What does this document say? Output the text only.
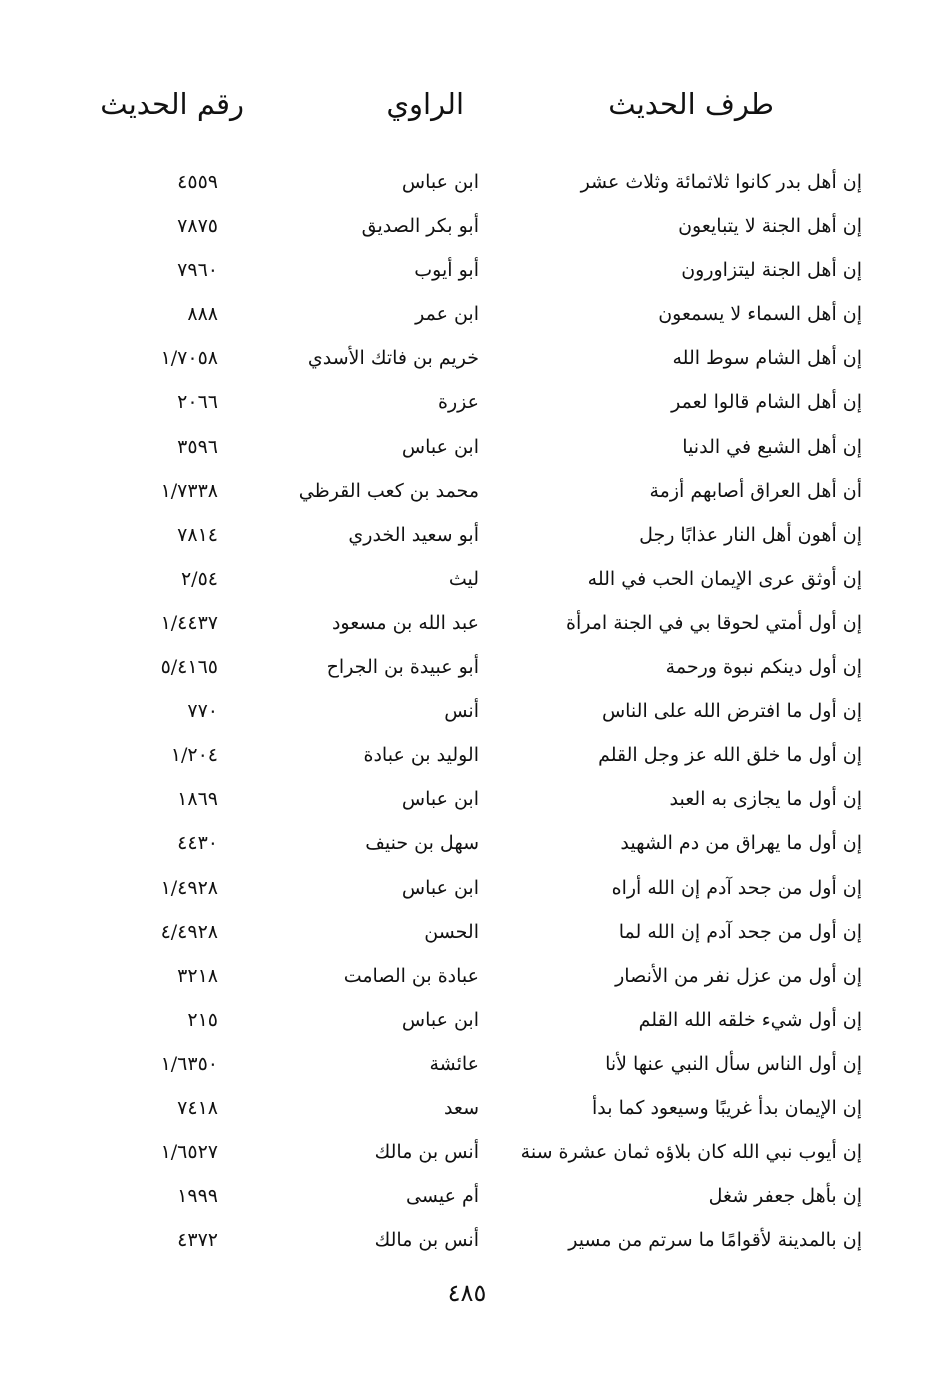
طرف الحديث
الراوي
رقم الحديث
إن أهل بدر كانوا ثلاثمائة وثلاث عشر
ابن عباس
٤٥٥٩
إن أهل الجنة لا يتبايعون
أبو بكر الصديق
٧٨٧٥
إن أهل الجنة ليتزاورون
أبو أيوب
٧٩٦٠
إن أهل السماء لا يسمعون
ابن عمر
٨٨٨
إن أهل الشام سوط الله
خريم بن فاتك الأسدي
١/٧٠٥٨
إن أهل الشام قالوا لعمر
عزرة
٢٠٦٦
إن أهل الشبع في الدنيا
ابن عباس
٣٥٩٦
أن أهل العراق أصابهم أزمة
محمد بن كعب القرظي
١/٧٣٣٨
إن أهون أهل النار عذابًا رجل
أبو سعيد الخدري
٧٨١٤
إن أوثق عرى الإيمان الحب في الله
ليث
٢/٥٤
إن أول أمتي لحوقا بي في الجنة امرأة
عبد الله بن مسعود
١/٤٤٣٧
إن أول دينكم نبوة ورحمة
أبو عبيدة بن الجراح
٥/٤١٦٥
إن أول ما افترض الله على الناس
أنس
٧٧٠
إن أول ما خلق الله عز وجل القلم
الوليد بن عبادة
١/٢٠٤
إن أول ما يجازى به العبد
ابن عباس
١٨٦٩
إن أول ما يهراق من دم الشهيد
سهل بن حنيف
٤٤٣٠
إن أول من جحد آدم إن الله أراه
ابن عباس
١/٤٩٢٨
إن أول من جحد آدم إن الله لما
الحسن
٤/٤٩٢٨
إن أول من عزل نفر من الأنصار
عبادة بن الصامت
٣٢١٨
إن أول شيء خلقه الله القلم
ابن عباس
٢١٥
إن أول الناس سأل النبي عنها لأنا
عائشة
١/٦٣٥٠
إن الإيمان بدأ غريبًا وسيعود كما بدأ
سعد
٧٤١٨
إن أيوب نبي الله كان بلاؤه ثمان عشرة سنة
أنس بن مالك
١/٦٥٢٧
إن بأهل جعفر شغل
أم عيسى
١٩٩٩
إن بالمدينة لأقوامًا ما سرتم من مسير
أنس بن مالك
٤٣٧٢
٤٨٥
